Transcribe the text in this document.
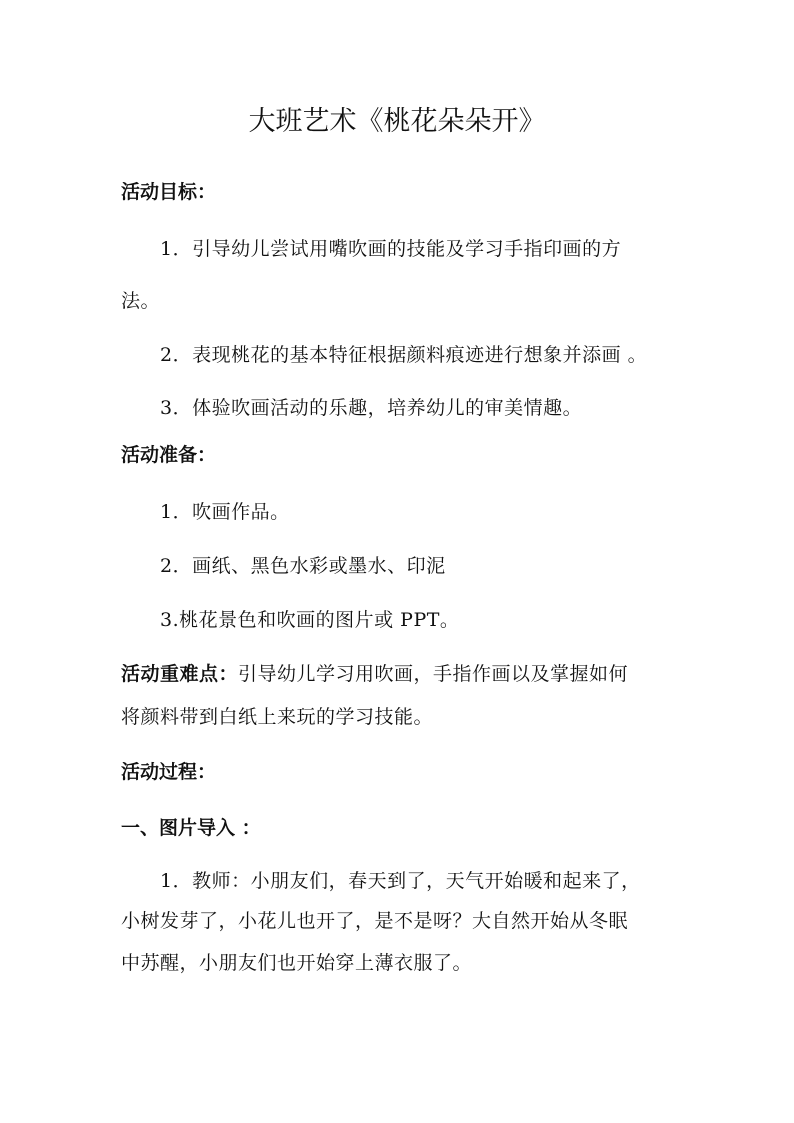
大班艺术《桃花朵朵开》
活动目标：
1．引导幼儿尝试用嘴吹画的技能及学习手指印画的方
法。
2．表现桃花的基本特征根据颜料痕迹进行想象并添画 。
3．体验吹画活动的乐趣，培养幼儿的审美情趣。
活动准备：
1．吹画作品。
2．画纸、黑色水彩或墨水、印泥
3.桃花景色和吹画的图片或 PPT。
活动重难点：引导幼儿学习用吹画，手指作画以及掌握如何
将颜料带到白纸上来玩的学习技能。
活动过程：
一、图片导入 ：
1．教师：小朋友们，春天到了，天气开始暖和起来了，
小树发芽了，小花儿也开了，是不是呀？大自然开始从冬眠
中苏醒，小朋友们也开始穿上薄衣服了。
